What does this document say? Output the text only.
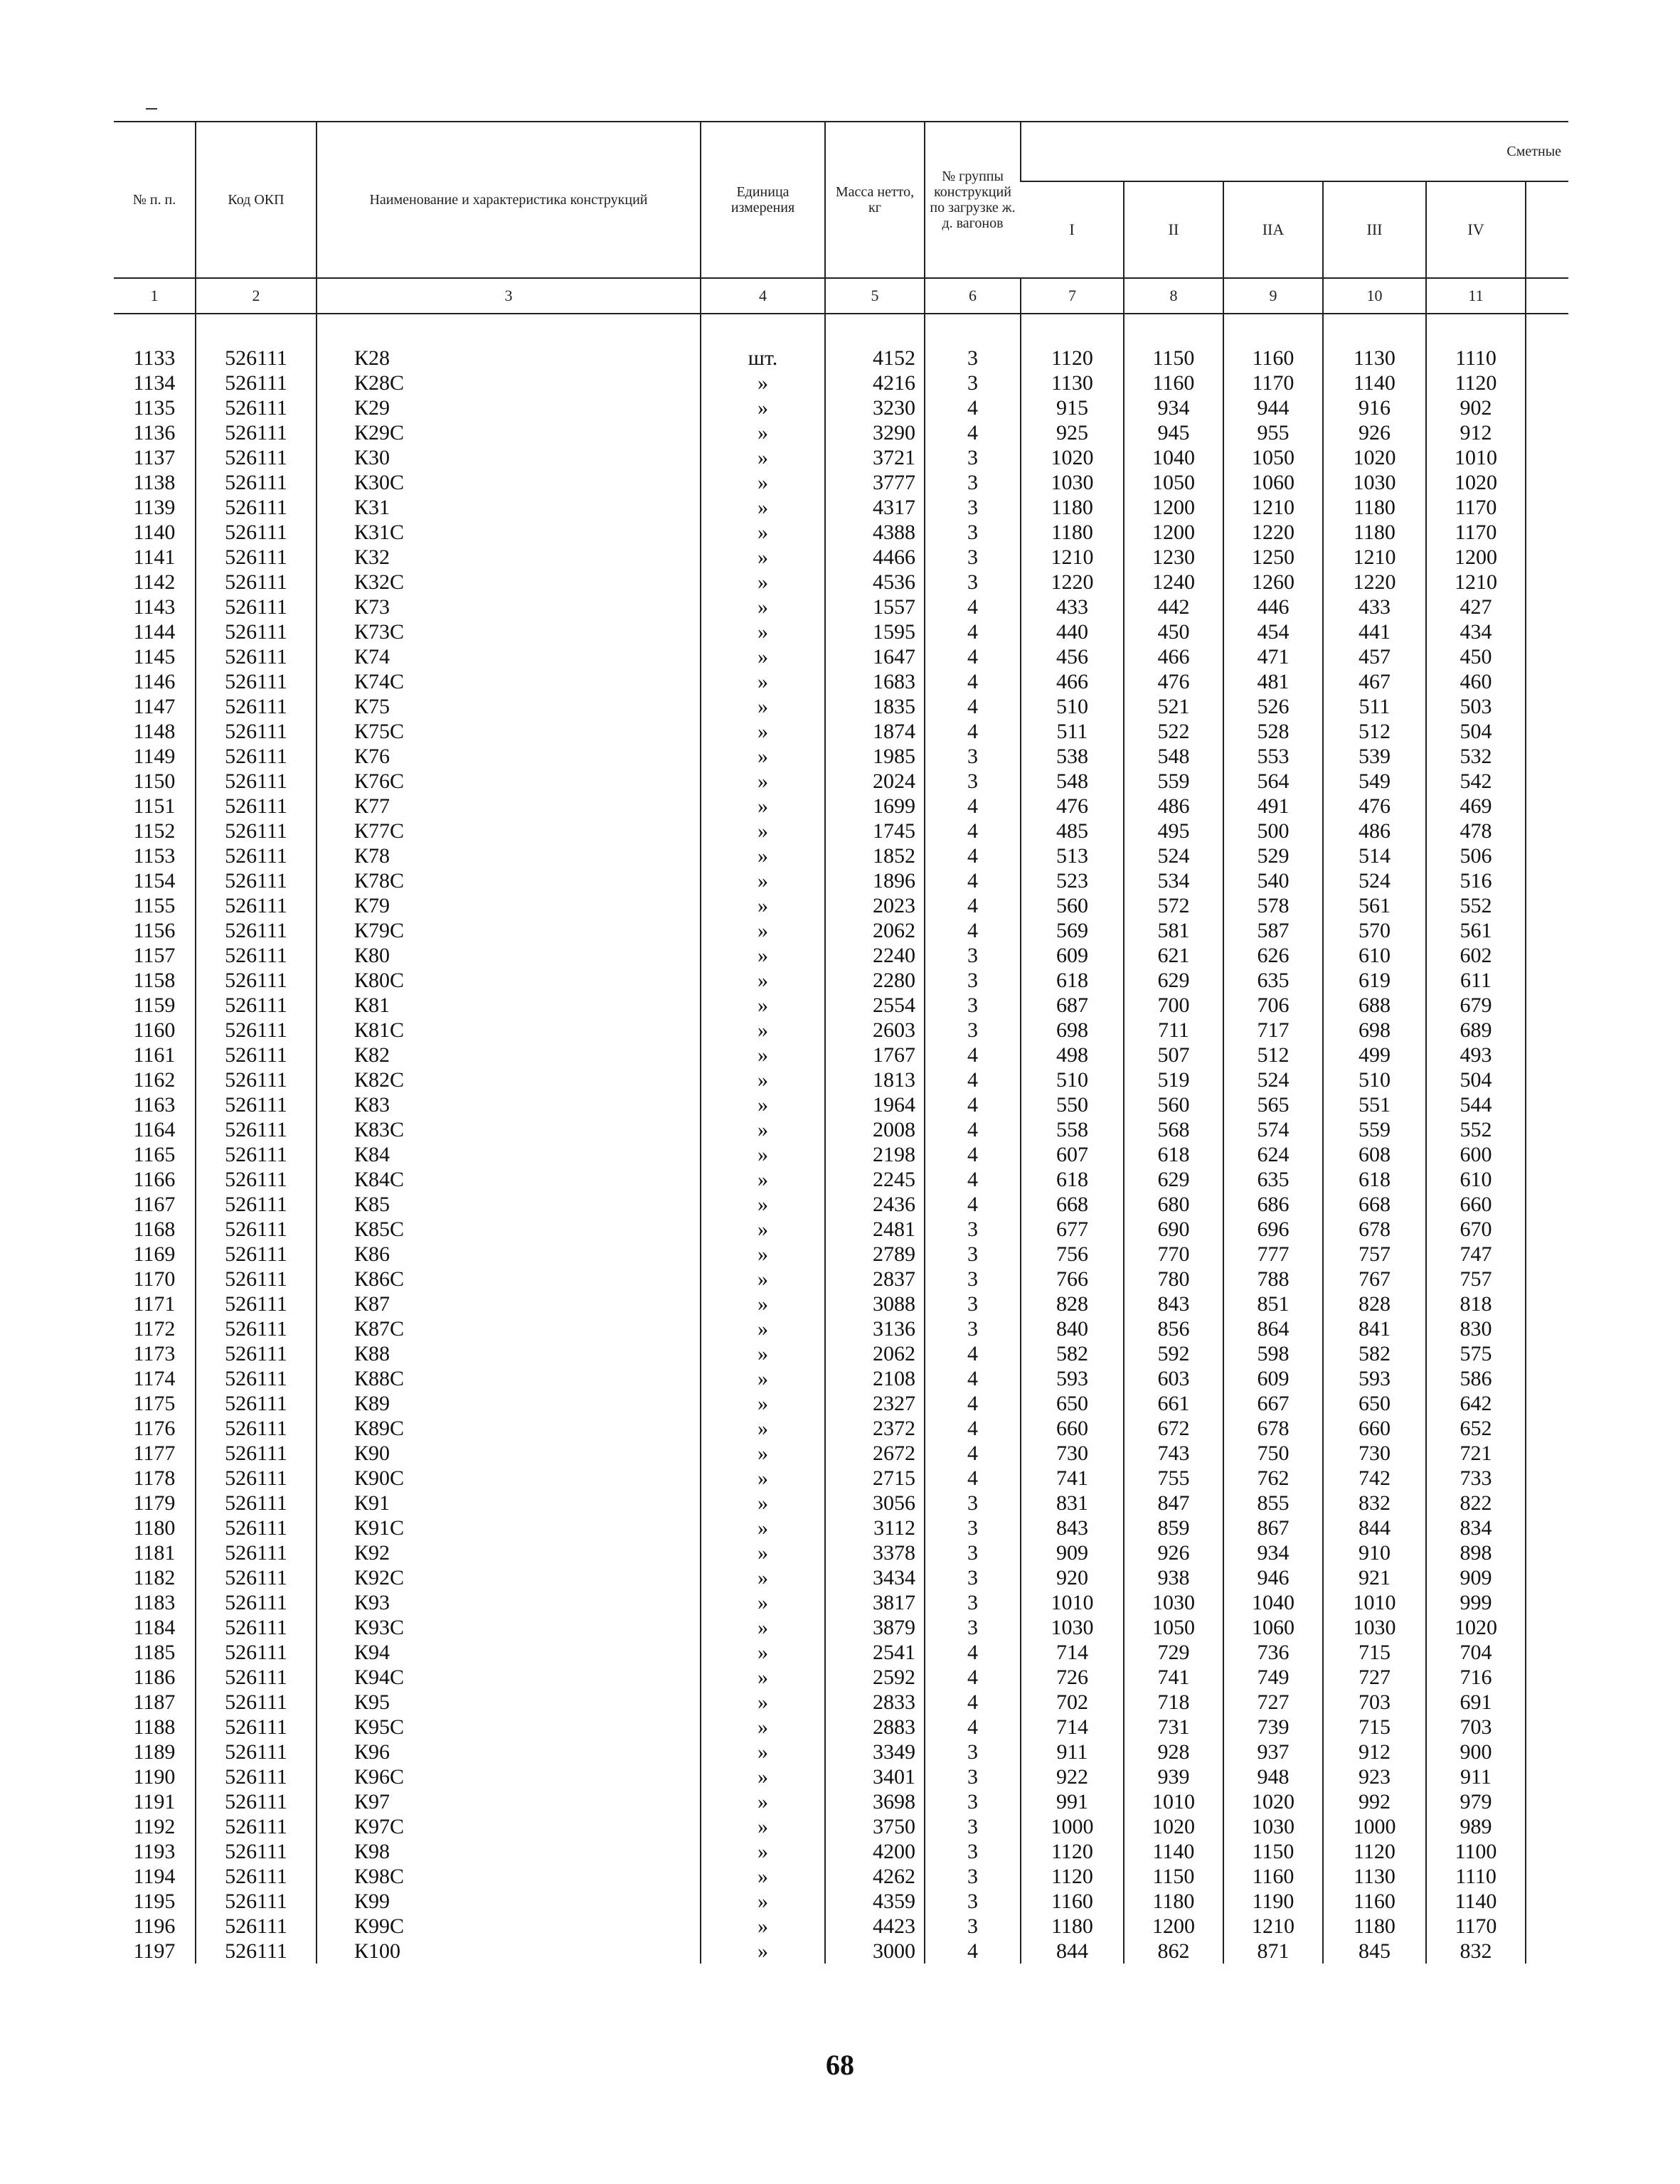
№ п. п.	Код ОКП	Наименование и характеристика конструкций	Единица измерения	Масса нетто, кг	№ группы конструкций по загрузке ж. д. вагонов	Сметные					
						I	II	IIA	III	IV	
1	2	3	4	5	6	7	8	9	10	11	

1133	526111	К28	шт.	4152	3	1120	1150	1160	1130	1110	
1134	526111	К28С	»	4216	3	1130	1160	1170	1140	1120	
1135	526111	К29	»	3230	4	915	934	944	916	902	
1136	526111	К29С	»	3290	4	925	945	955	926	912	
1137	526111	К30	»	3721	3	1020	1040	1050	1020	1010	
1138	526111	К30С	»	3777	3	1030	1050	1060	1030	1020	
1139	526111	К31	»	4317	3	1180	1200	1210	1180	1170	
1140	526111	К31С	»	4388	3	1180	1200	1220	1180	1170	
1141	526111	К32	»	4466	3	1210	1230	1250	1210	1200	
1142	526111	К32С	»	4536	3	1220	1240	1260	1220	1210	
1143	526111	К73	»	1557	4	433	442	446	433	427	
1144	526111	К73С	»	1595	4	440	450	454	441	434	
1145	526111	К74	»	1647	4	456	466	471	457	450	
1146	526111	К74С	»	1683	4	466	476	481	467	460	
1147	526111	К75	»	1835	4	510	521	526	511	503	
1148	526111	К75С	»	1874	4	511	522	528	512	504	
1149	526111	К76	»	1985	3	538	548	553	539	532	
1150	526111	К76С	»	2024	3	548	559	564	549	542	
1151	526111	К77	»	1699	4	476	486	491	476	469	
1152	526111	К77С	»	1745	4	485	495	500	486	478	
1153	526111	К78	»	1852	4	513	524	529	514	506	
1154	526111	К78С	»	1896	4	523	534	540	524	516	
1155	526111	К79	»	2023	4	560	572	578	561	552	
1156	526111	К79С	»	2062	4	569	581	587	570	561	
1157	526111	К80	»	2240	3	609	621	626	610	602	
1158	526111	К80С	»	2280	3	618	629	635	619	611	
1159	526111	К81	»	2554	3	687	700	706	688	679	
1160	526111	К81С	»	2603	3	698	711	717	698	689	
1161	526111	К82	»	1767	4	498	507	512	499	493	
1162	526111	К82С	»	1813	4	510	519	524	510	504	
1163	526111	К83	»	1964	4	550	560	565	551	544	
1164	526111	К83С	»	2008	4	558	568	574	559	552	
1165	526111	К84	»	2198	4	607	618	624	608	600	
1166	526111	К84С	»	2245	4	618	629	635	618	610	
1167	526111	К85	»	2436	4	668	680	686	668	660	
1168	526111	К85С	»	2481	3	677	690	696	678	670	
1169	526111	К86	»	2789	3	756	770	777	757	747	
1170	526111	К86С	»	2837	3	766	780	788	767	757	
1171	526111	К87	»	3088	3	828	843	851	828	818	
1172	526111	К87С	»	3136	3	840	856	864	841	830	
1173	526111	К88	»	2062	4	582	592	598	582	575	
1174	526111	К88С	»	2108	4	593	603	609	593	586	
1175	526111	К89	»	2327	4	650	661	667	650	642	
1176	526111	К89С	»	2372	4	660	672	678	660	652	
1177	526111	К90	»	2672	4	730	743	750	730	721	
1178	526111	К90С	»	2715	4	741	755	762	742	733	
1179	526111	К91	»	3056	3	831	847	855	832	822	
1180	526111	К91С	»	3112	3	843	859	867	844	834	
1181	526111	К92	»	3378	3	909	926	934	910	898	
1182	526111	К92С	»	3434	3	920	938	946	921	909	
1183	526111	К93	»	3817	3	1010	1030	1040	1010	999	
1184	526111	К93С	»	3879	3	1030	1050	1060	1030	1020	
1185	526111	К94	»	2541	4	714	729	736	715	704	
1186	526111	К94С	»	2592	4	726	741	749	727	716	
1187	526111	К95	»	2833	4	702	718	727	703	691	
1188	526111	К95С	»	2883	4	714	731	739	715	703	
1189	526111	К96	»	3349	3	911	928	937	912	900	
1190	526111	К96С	»	3401	3	922	939	948	923	911	
1191	526111	К97	»	3698	3	991	1010	1020	992	979	
1192	526111	К97С	»	3750	3	1000	1020	1030	1000	989	
1193	526111	К98	»	4200	3	1120	1140	1150	1120	1100	
1194	526111	К98С	»	4262	3	1120	1150	1160	1130	1110	
1195	526111	К99	»	4359	3	1160	1180	1190	1160	1140	
1196	526111	К99С	»	4423	3	1180	1200	1210	1180	1170	
1197	526111	К100	»	3000	4	844	862	871	845	832	
68
